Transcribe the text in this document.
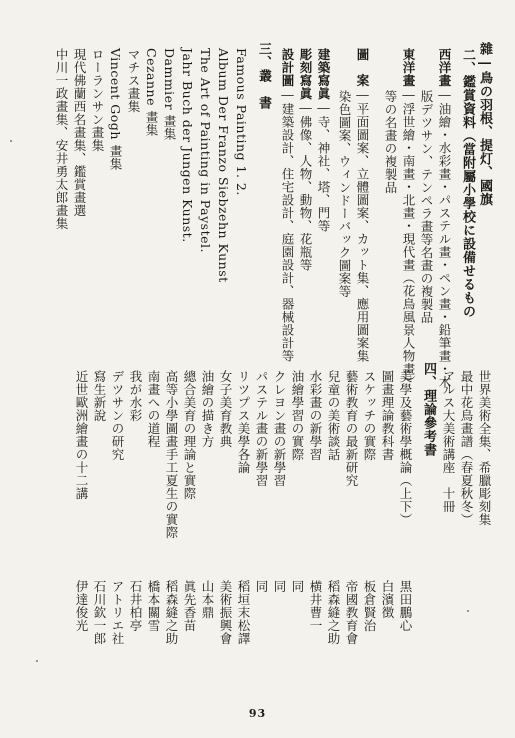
雜―鳥の羽根、提灯、國旗
二、鑑賞資料（當附屬小學校に設備せるもの
西洋畫―油繪・水彩畫・パステル畫・ペン畫・鉛筆畫・木
版デツサン、テンペラ畫等名畫の複製品
東洋畫―浮世繪・南畫・北畫・現代畫（花鳥風景人物畫）
等の名畫の複製品
圖　案―平面圖案、立體圖案、カット集、應用圖案集
染色圖案、ウィンドーバック圖案等
建築寫眞―寺、神社、塔、門等
彫刻寫眞―佛像、人物、動物、花瓶等
設計圖―建築設計、住宅設計、庭園設計、器械設計等
三、叢　書
Famous Painting 1. 2.
Album Der Franzo Siebzehn Kunst
The Art of Painting in Paystel.
Jahr Buch der Jungen Kunst.
Dammier 畫集
Cezanne 畫集
マチス畫集
Vincent Gogh 畫集
ローランサン畫集
現代佛蘭西名畫集、鑑賞畫選
中川一政畫集、安井勇太郎畫集
世界美術全集、希臘彫刻集
最中花鳥畫譜（春夏秋冬）
アルス大美術講座　十冊
四、理論參考書
美學及藝術學概論（上下）
黒田鵬心
圖畫理論教科書
白濱徴
スケッチの實際
板倉賢治
藝術教育の最新研究
帝國教育會
兒童の美術談話
稻森縫之助
水彩畫の新學習
横井曹一
油繪學習の實際
同
クレヨン畫の新學習
同
パステル畫の新學習
同
リツプス美學各論
稻垣末松譯
女子美育教典
美術振興會
油繪の描き方
山本鼎
總合美育の理論と實際
眞先香苗
高等小學圖畫手工夏生の實際
稻森縫之助
南畫への道程
橋本關雪
我が水彩
石井柏亭
デツサンの研究
アトリエ社
寫生新說
石川欽一郎
近世歐洲繪畫の十二講
伊達俊光
93
